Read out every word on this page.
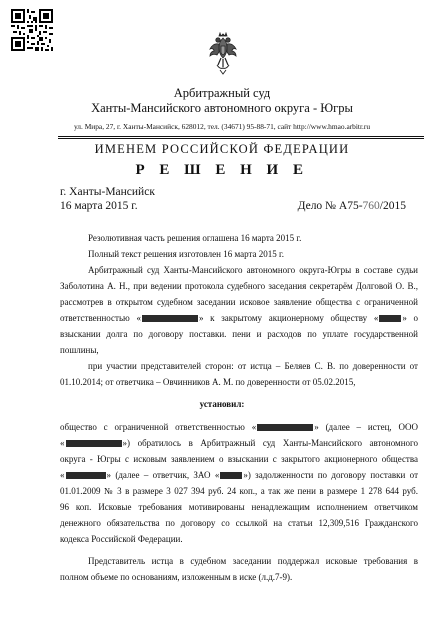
Арбитражный суд
Ханты-Мансийского автономного округа - Югры
ул. Мира, 27, г. Ханты-Мансийск, 628012, тел. (34671) 95-88-71, сайт http://www.hmao.arbitr.ru
ИМЕНЕМ РОССИЙСКОЙ ФЕДЕРАЦИИ
Р Е Ш Е Н И Е
г. Ханты-Мансийск
16 марта 2015 г.	Дело № А75-760/2015
Резолютивная часть решения оглашена 16 марта 2015 г.
Полный текст решения изготовлен 16 марта 2015 г.
Арбитражный суд Ханты-Мансийского автономного округа-Югры в составе судьи
Заболотина А. Н., при ведении протокола судебного заседания секретарём Долговой О. В.,
рассмотрев в открытом судебном заседании исковое заявление общества с ограниченной
ответственностью «	» к закрытому акционерному обществу «	» о
взыскании долга по договору поставки. пени и расходов по уплате государственной
пошлины,
при участии представителей сторон: от истца – Беляев С. В. по доверенности от
01.10.2014; от ответчика – Овчинников А. М. по доверенности от 05.02.2015,
установил:
общество с ограниченной ответственностью «	» (далее – истец, ООО
«	») обратилось в Арбитражный суд Ханты-Мансийского автономного
округа - Югры с исковым заявлением о взыскании с закрытого акционерного общества
«	» (далее – ответчик, ЗАО «	») задолженности по договору поставки от
01.01.2009 № 3 в размере 3 027 394 руб. 24 коп., а так же пени в размере 1 278 644 руб.
96 коп. Исковые требования мотивированы ненадлежащим исполнением ответчиком
денежного обязательства по договору со ссылкой на статьи 12,309,516 Гражданского
кодекса Российской Федерации.
Представитель истца в судебном заседании поддержал исковые требования в
полном объеме по основаниям, изложенным в иске (л.д.7-9).
